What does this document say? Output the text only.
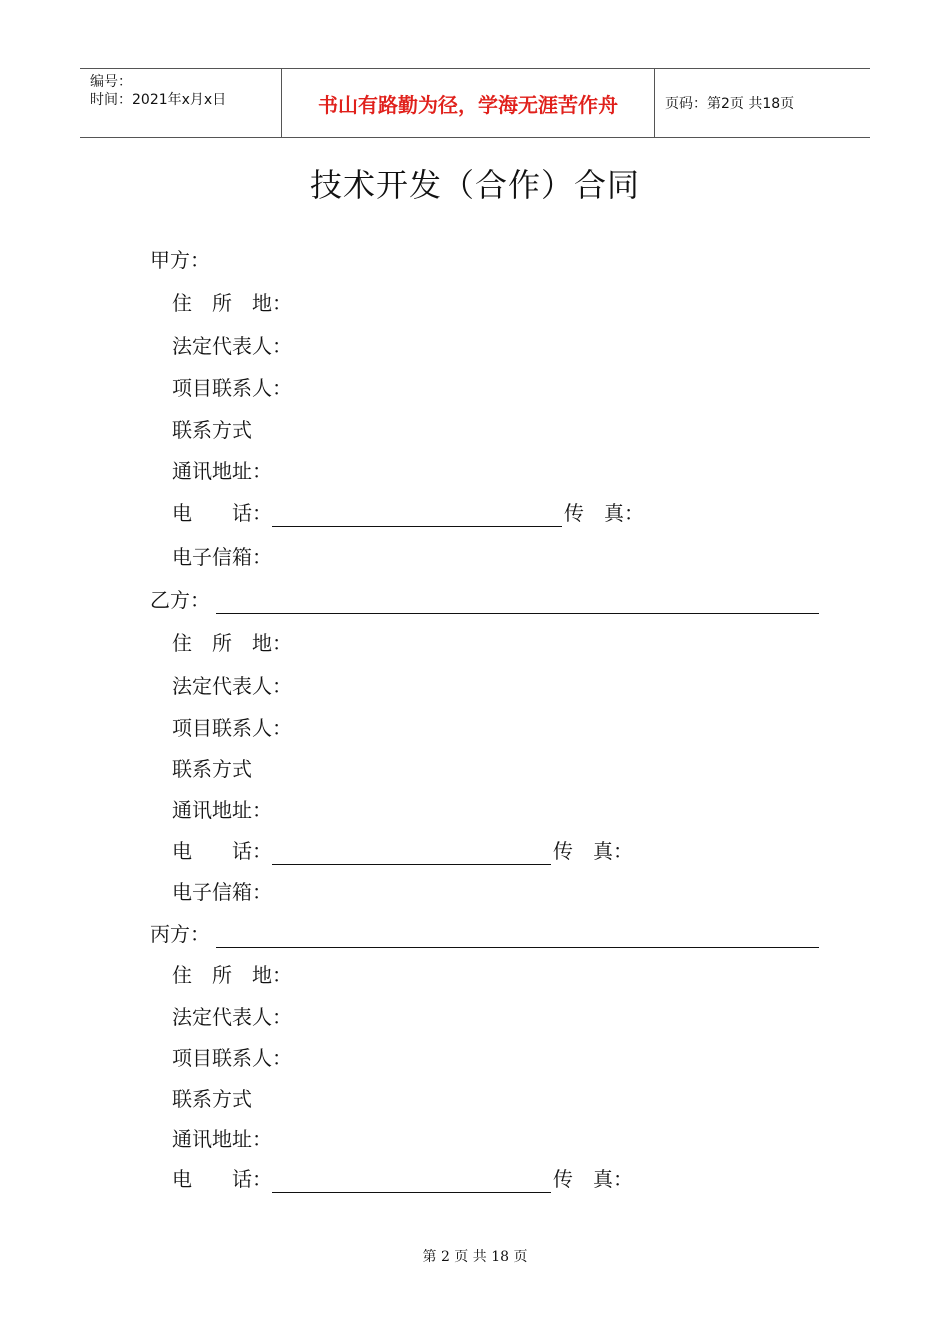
编号：
时间：2021年x月x日	书山有路勤为径，学海无涯苦作舟	页码：第2页 共18页
技术开发（合作）合同
甲方：
住　所　地：
法定代表人：
项目联系人：
联系方式
通讯地址：
电　　话：	传　真：
电子信箱：
乙方：
住　所　地：
法定代表人：
项目联系人：
联系方式
通讯地址：
电　　话：	传　真：
电子信箱：
丙方：
住　所　地：
法定代表人：
项目联系人：
联系方式
通讯地址：
电　　话：	传　真：
第 2 页 共 18 页
